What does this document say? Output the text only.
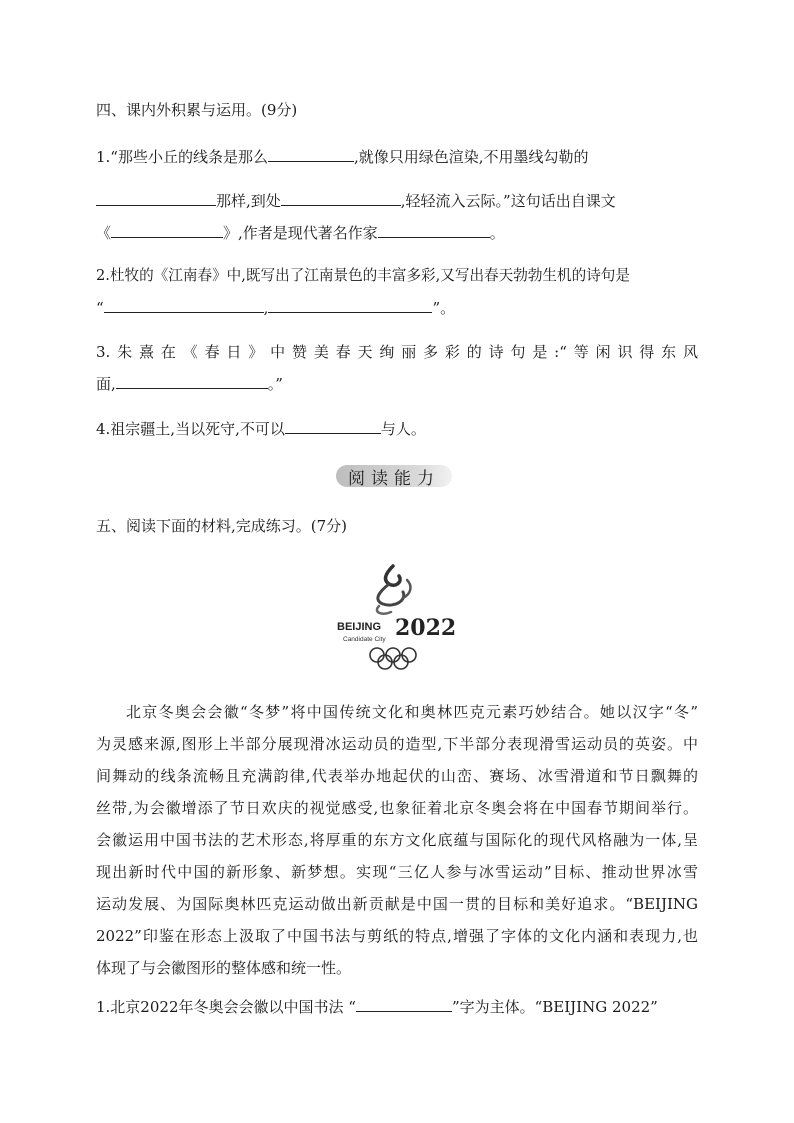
四、课内外积累与运用。(9分)
1.“那些小丘的线条是那么	,就像只用绿色渲染,不用墨线勾勒的
那样,到处	,轻轻流入云际。”这句话出自课文
《	》,作者是现代著名作家	。
2.杜牧的《江南春》中,既写出了江南景色的丰富多彩,又写出春天勃勃生机的诗句是
“	,	”。
3.朱熹在《春日》中赞美春天绚丽多彩的诗句是:“等闲识得东风
面,	。”
4.祖宗疆土,当以死守,不可以	与人。
阅读能力
五、阅读下面的材料,完成练习。(7分)
BEIJING
Candidate City 2022
北京冬奥会会徽“冬梦”将中国传统文化和奥林匹克元素巧妙结合。她以汉字“冬”
为灵感来源,图形上半部分展现滑冰运动员的造型,下半部分表现滑雪运动员的英姿。中
间舞动的线条流畅且充满韵律,代表举办地起伏的山峦、赛场、冰雪滑道和节日飘舞的
丝带,为会徽增添了节日欢庆的视觉感受,也象征着北京冬奥会将在中国春节期间举行。
会徽运用中国书法的艺术形态,将厚重的东方文化底蕴与国际化的现代风格融为一体,呈
现出新时代中国的新形象、新梦想。实现“三亿人参与冰雪运动”目标、推动世界冰雪
运动发展、为国际奥林匹克运动做出新贡献是中国一贯的目标和美好追求。“BEIJING
2022”印鉴在形态上汲取了中国书法与剪纸的特点,增强了字体的文化内涵和表现力,也
体现了与会徽图形的整体感和统一性。
1.北京2022年冬奥会会徽以中国书法 “	”字为主体。“BEIJING 2022”
